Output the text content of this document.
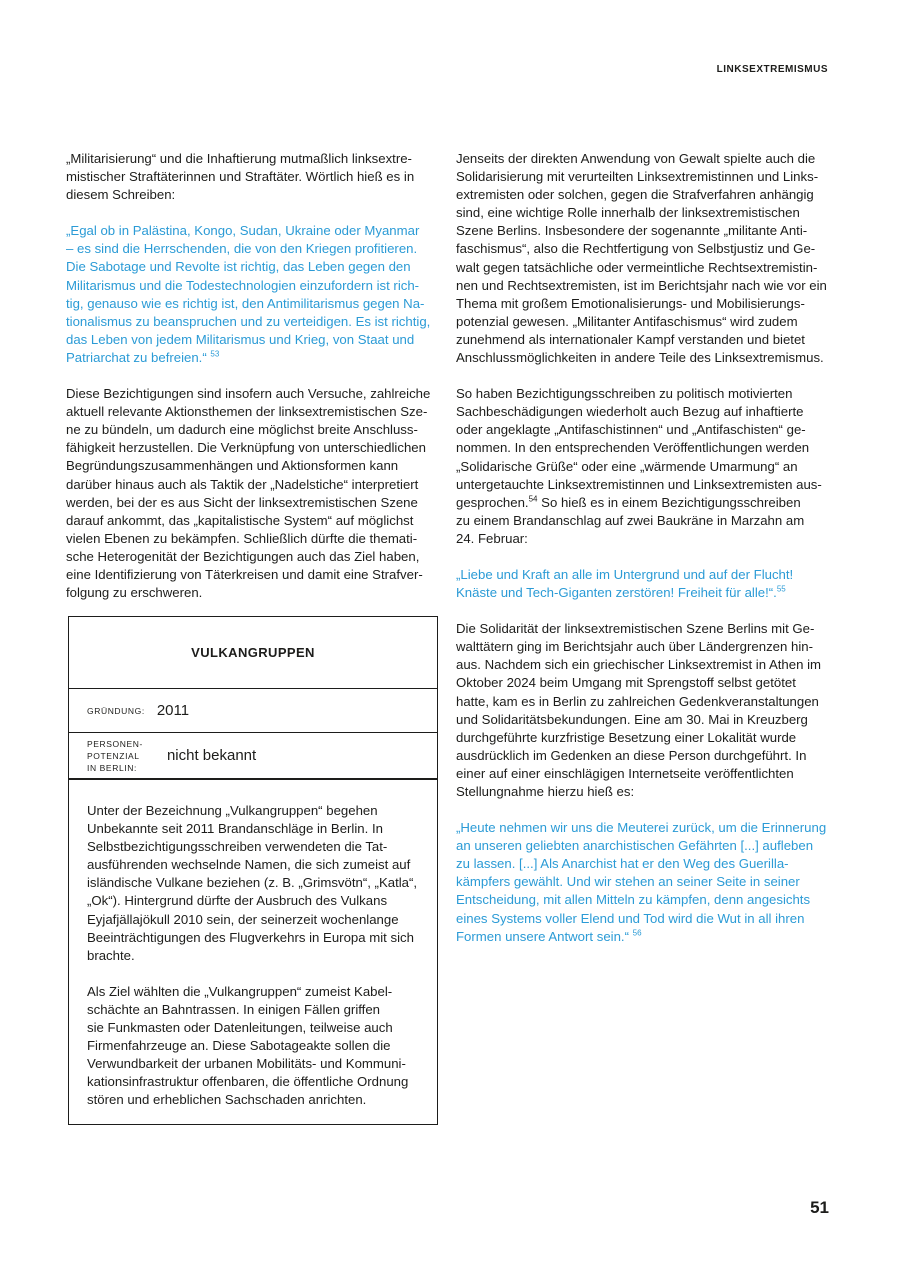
LINKSEXTREMISMUS

„Militarisierung“ und die Inhaftierung mutmaßlich linksextre-
mistischer Straftäterinnen und Straftäter. Wörtlich hieß es in
diesem Schreiben:

„Egal ob in Palästina, Kongo, Sudan, Ukraine oder Myanmar
– es sind die Herrschenden, die von den Kriegen profitieren.
Die Sabotage und Revolte ist richtig, das Leben gegen den
Militarismus und die Todestechnologien einzufordern ist rich-
tig, genauso wie es richtig ist, den Antimilitarismus gegen Na-
tionalismus zu beanspruchen und zu verteidigen. Es ist richtig,
das Leben von jedem Militarismus und Krieg, von Staat und
Patriarchat zu befreien.“ $^{53}$

Diese Bezichtigungen sind insofern auch Versuche, zahlreiche
aktuell relevante Aktionsthemen der linksextremistischen Sze-
ne zu bündeln, um dadurch eine möglichst breite Anschluss-
fähigkeit herzustellen. Die Verknüpfung von unterschiedlichen
Begründungszusammenhängen und Aktionsformen kann
darüber hinaus auch als Taktik der „Nadelstiche“ interpretiert
werden, bei der es aus Sicht der linksextremistischen Szene
darauf ankommt, das „kapitalistische System“ auf möglichst
vielen Ebenen zu bekämpfen. Schließlich dürfte die themati-
sche Heterogenität der Bezichtigungen auch das Ziel haben,
eine Identifizierung von Täterkreisen und damit eine Strafver-
folgung zu erschweren.

VULKANGRUPPEN
GRÜNDUNG: 2011
PERSONEN-
POTENZIAL
IN BERLIN:
nicht bekannt

Unter der Bezeichnung „Vulkangruppen“ begehen
Unbekannte seit 2011 Brandanschläge in Berlin. In
Selbstbezichtigungsschreiben verwendeten die Tat-
ausführenden wechselnde Namen, die sich zumeist auf
isländische Vulkane beziehen (z. B. „Grimsvötn“, „Katla“,
„Ok“). Hintergrund dürfte der Ausbruch des Vulkans
Eyjafjällajökull 2010 sein, der seinerzeit wochenlange
Beeinträchtigungen des Flugverkehrs in Europa mit sich
brachte.

Als Ziel wählten die „Vulkangruppen“ zumeist Kabel-
schächte an Bahntrassen. In einigen Fällen griffen
sie Funkmasten oder Datenleitungen, teilweise auch
Firmenfahrzeuge an. Diese Sabotageakte sollen die
Verwundbarkeit der urbanen Mobilitäts- und Kommuni-
kationsinfrastruktur offenbaren, die öffentliche Ordnung
stören und erheblichen Sachschaden anrichten.

Jenseits der direkten Anwendung von Gewalt spielte auch die
Solidarisierung mit verurteilten Linksextremistinnen und Links-
extremisten oder solchen, gegen die Strafverfahren anhängig
sind, eine wichtige Rolle innerhalb der linksextremistischen
Szene Berlins. Insbesondere der sogenannte „militante Anti-
faschismus“, also die Rechtfertigung von Selbstjustiz und Ge-
walt gegen tatsächliche oder vermeintliche Rechtsextremistin-
nen und Rechtsextremisten, ist im Berichtsjahr nach wie vor ein
Thema mit großem Emotionalisierungs- und Mobilisierungs-
potenzial gewesen. „Militanter Antifaschismus“ wird zudem
zunehmend als internationaler Kampf verstanden und bietet
Anschlussmöglichkeiten in andere Teile des Linksextremismus.

So haben Bezichtigungsschreiben zu politisch motivierten
Sachbeschädigungen wiederholt auch Bezug auf inhaftierte
oder angeklagte „Antifaschistinnen“ und „Antifaschisten“ ge-
nommen. In den entsprechenden Veröffentlichungen werden
„Solidarische Grüße“ oder eine „wärmende Umarmung“ an
untergetauchte Linksextremistinnen und Linksextremisten aus-
gesprochen.$^{54}$ So hieß es in einem Bezichtigungsschreiben
zu einem Brandanschlag auf zwei Baukräne in Marzahn am
24. Februar:

„Liebe und Kraft an alle im Untergrund und auf der Flucht!
Knäste und Tech-Giganten zerstören! Freiheit für alle!“.$^{55}$

Die Solidarität der linksextremistischen Szene Berlins mit Ge-
walttätern ging im Berichtsjahr auch über Ländergrenzen hin-
aus. Nachdem sich ein griechischer Linksextremist in Athen im
Oktober 2024 beim Umgang mit Sprengstoff selbst getötet
hatte, kam es in Berlin zu zahlreichen Gedenkveranstaltungen
und Solidaritätsbekundungen. Eine am 30. Mai in Kreuzberg
durchgeführte kurzfristige Besetzung einer Lokalität wurde
ausdrücklich im Gedenken an diese Person durchgeführt. In
einer auf einer einschlägigen Internetseite veröffentlichten
Stellungnahme hierzu hieß es:

„Heute nehmen wir uns die Meuterei zurück, um die Erinnerung
an unseren geliebten anarchistischen Gefährten [...] aufleben
zu lassen. [...] Als Anarchist hat er den Weg des Guerilla-
kämpfers gewählt. Und wir stehen an seiner Seite in seiner
Entscheidung, mit allen Mitteln zu kämpfen, denn angesichts
eines Systems voller Elend und Tod wird die Wut in all ihren
Formen unsere Antwort sein.“ $^{56}$

51
